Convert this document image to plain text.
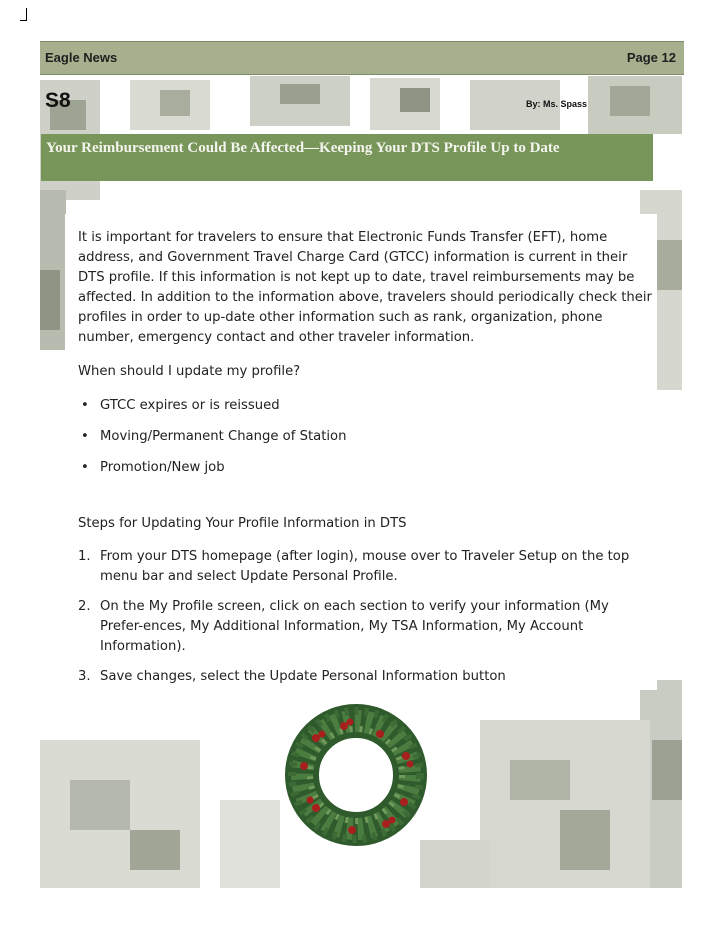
Eagle News	Page 12
S8	By: Ms. Spass
Your Reimbursement Could Be Affected—Keeping Your DTS Profile Up to Date

It is important for travelers to ensure that Electronic Funds Transfer (EFT), home address, and Government Travel Charge Card (GTCC) information is current in their DTS profile. If this information is not kept up to date, travel reimbursements may be affected. In addition to the information above, travelers should periodically check their profiles in order to up-date other information such as rank, organization, phone number, emergency contact and other traveler information.

When should I update my profile?

• GTCC expires or is reissued
• Moving/Permanent Change of Station
• Promotion/New job

Steps for Updating Your Profile Information in DTS

1. From your DTS homepage (after login), mouse over to Traveler Setup on the top menu bar and select Update Personal Profile.
2. On the My Profile screen, click on each section to verify your information (My Prefer-ences, My Additional Information, My TSA Information, My Account Information).
3. Save changes, select the Update Personal Information button
